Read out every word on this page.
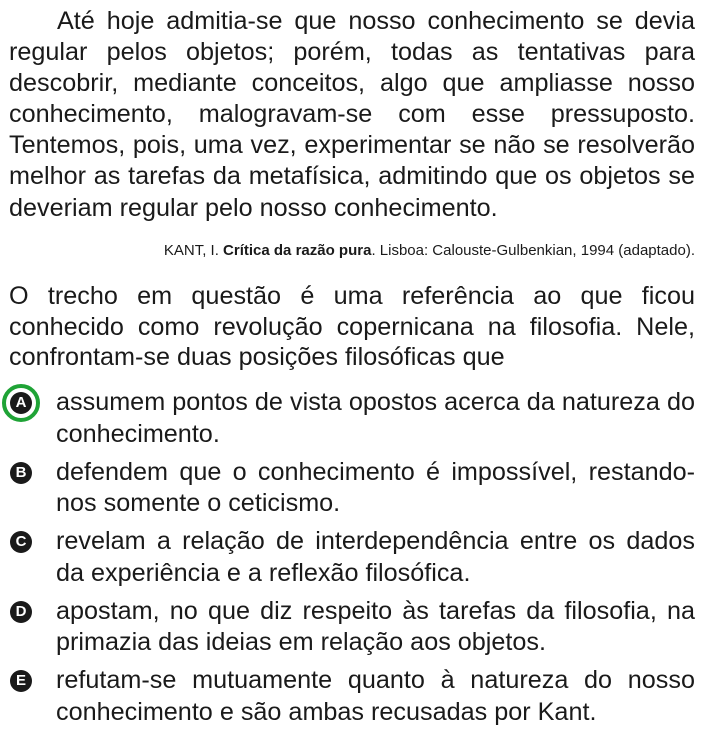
Até hoje admitia-se que nosso conhecimento se devia regular pelos objetos; porém, todas as tentativas para descobrir, mediante conceitos, algo que ampliasse nosso conhecimento, malogravam-se com esse pressuposto. Tentemos, pois, uma vez, experimentar se não se resolverão melhor as tarefas da metafísica, admitindo que os objetos se deveriam regular pelo nosso conhecimento.

KANT, I. Crítica da razão pura. Lisboa: Calouste-Gulbenkian, 1994 (adaptado).

O trecho em questão é uma referência ao que ficou conhecido como revolução copernicana na filosofia. Nele, confrontam-se duas posições filosóficas que

A assumem pontos de vista opostos acerca da natureza do conhecimento.

B defendem que o conhecimento é impossível, restando-nos somente o ceticismo.

C revelam a relação de interdependência entre os dados da experiência e a reflexão filosófica.

D apostam, no que diz respeito às tarefas da filosofia, na primazia das ideias em relação aos objetos.

E refutam-se mutuamente quanto à natureza do nosso conhecimento e são ambas recusadas por Kant.
